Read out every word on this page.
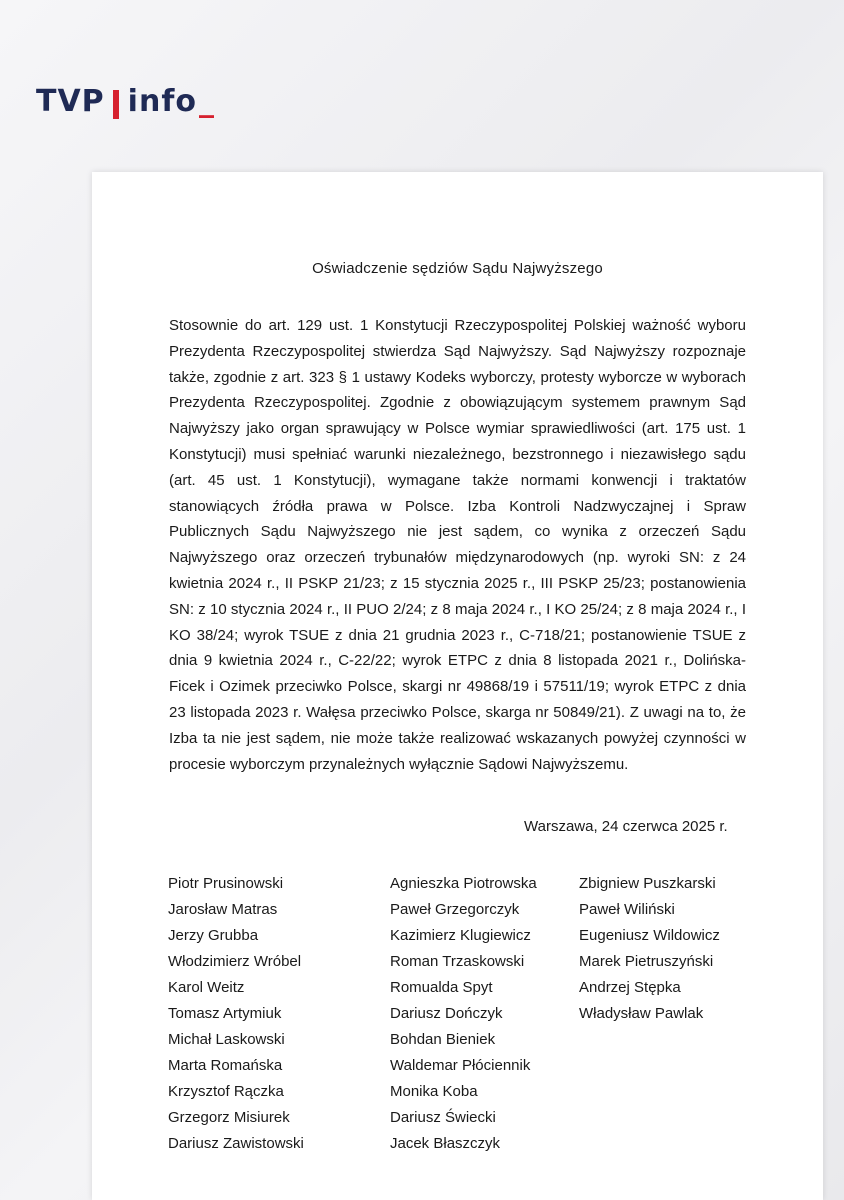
TVP info _
Oświadczenie sędziów Sądu Najwyższego

Stosownie do art. 129 ust. 1 Konstytucji Rzeczypospolitej Polskiej ważność wyboru Prezydenta Rzeczypospolitej stwierdza Sąd Najwyższy. Sąd Najwyższy rozpoznaje także, zgodnie z art. 323 § 1 ustawy Kodeks wyborczy, protesty wyborcze w wyborach Prezydenta Rzeczypospolitej. Zgodnie z obowiązującym systemem prawnym Sąd Najwyższy jako organ sprawujący w Polsce wymiar sprawiedliwości (art. 175 ust. 1 Konstytucji) musi spełniać warunki niezależnego, bezstronnego i niezawisłego sądu (art. 45 ust. 1 Konstytucji), wymagane także normami konwencji i traktatów stanowiących źródła prawa w Polsce. Izba Kontroli Nadzwyczajnej i Spraw Publicznych Sądu Najwyższego nie jest sądem, co wynika z orzeczeń Sądu Najwyższego oraz orzeczeń trybunałów międzynarodowych (np. wyroki SN: z 24 kwietnia 2024 r., II PSKP 21/23; z 15 stycznia 2025 r., III PSKP 25/23; postanowienia SN: z 10 stycznia 2024 r., II PUO 2/24; z 8 maja 2024 r., I KO 25/24; z 8 maja 2024 r., I KO 38/24; wyrok TSUE z dnia 21 grudnia 2023 r., C-718/21; postanowienie TSUE z dnia 9 kwietnia 2024 r., C-22/22; wyrok ETPC z dnia 8 listopada 2021 r., Dolińska-Ficek i Ozimek przeciwko Polsce, skargi nr 49868/19 i 57511/19; wyrok ETPC z dnia 23 listopada 2023 r. Wałęsa przeciwko Polsce, skarga nr 50849/21). Z uwagi na to, że Izba ta nie jest sądem, nie może także realizować wskazanych powyżej czynności w procesie wyborczym przynależnych wyłącznie Sądowi Najwyższemu.

Warszawa, 24 czerwca 2025 r.
Piotr Prusinowski
Jarosław Matras
Jerzy Grubba
Włodzimierz Wróbel
Karol Weitz
Tomasz Artymiuk
Michał Laskowski
Marta Romańska
Krzysztof Rączka
Grzegorz Misiurek
Dariusz Zawistowski
Agnieszka Piotrowska
Paweł Grzegorczyk
Kazimierz Klugiewicz
Roman Trzaskowski
Romualda Spyt
Dariusz Dończyk
Bohdan Bieniek
Waldemar Płóciennik
Monika Koba
Dariusz Świecki
Jacek Błaszczyk
Zbigniew Puszkarski
Paweł Wiliński
Eugeniusz Wildowicz
Marek Pietruszyński
Andrzej Stępka
Władysław Pawlak
